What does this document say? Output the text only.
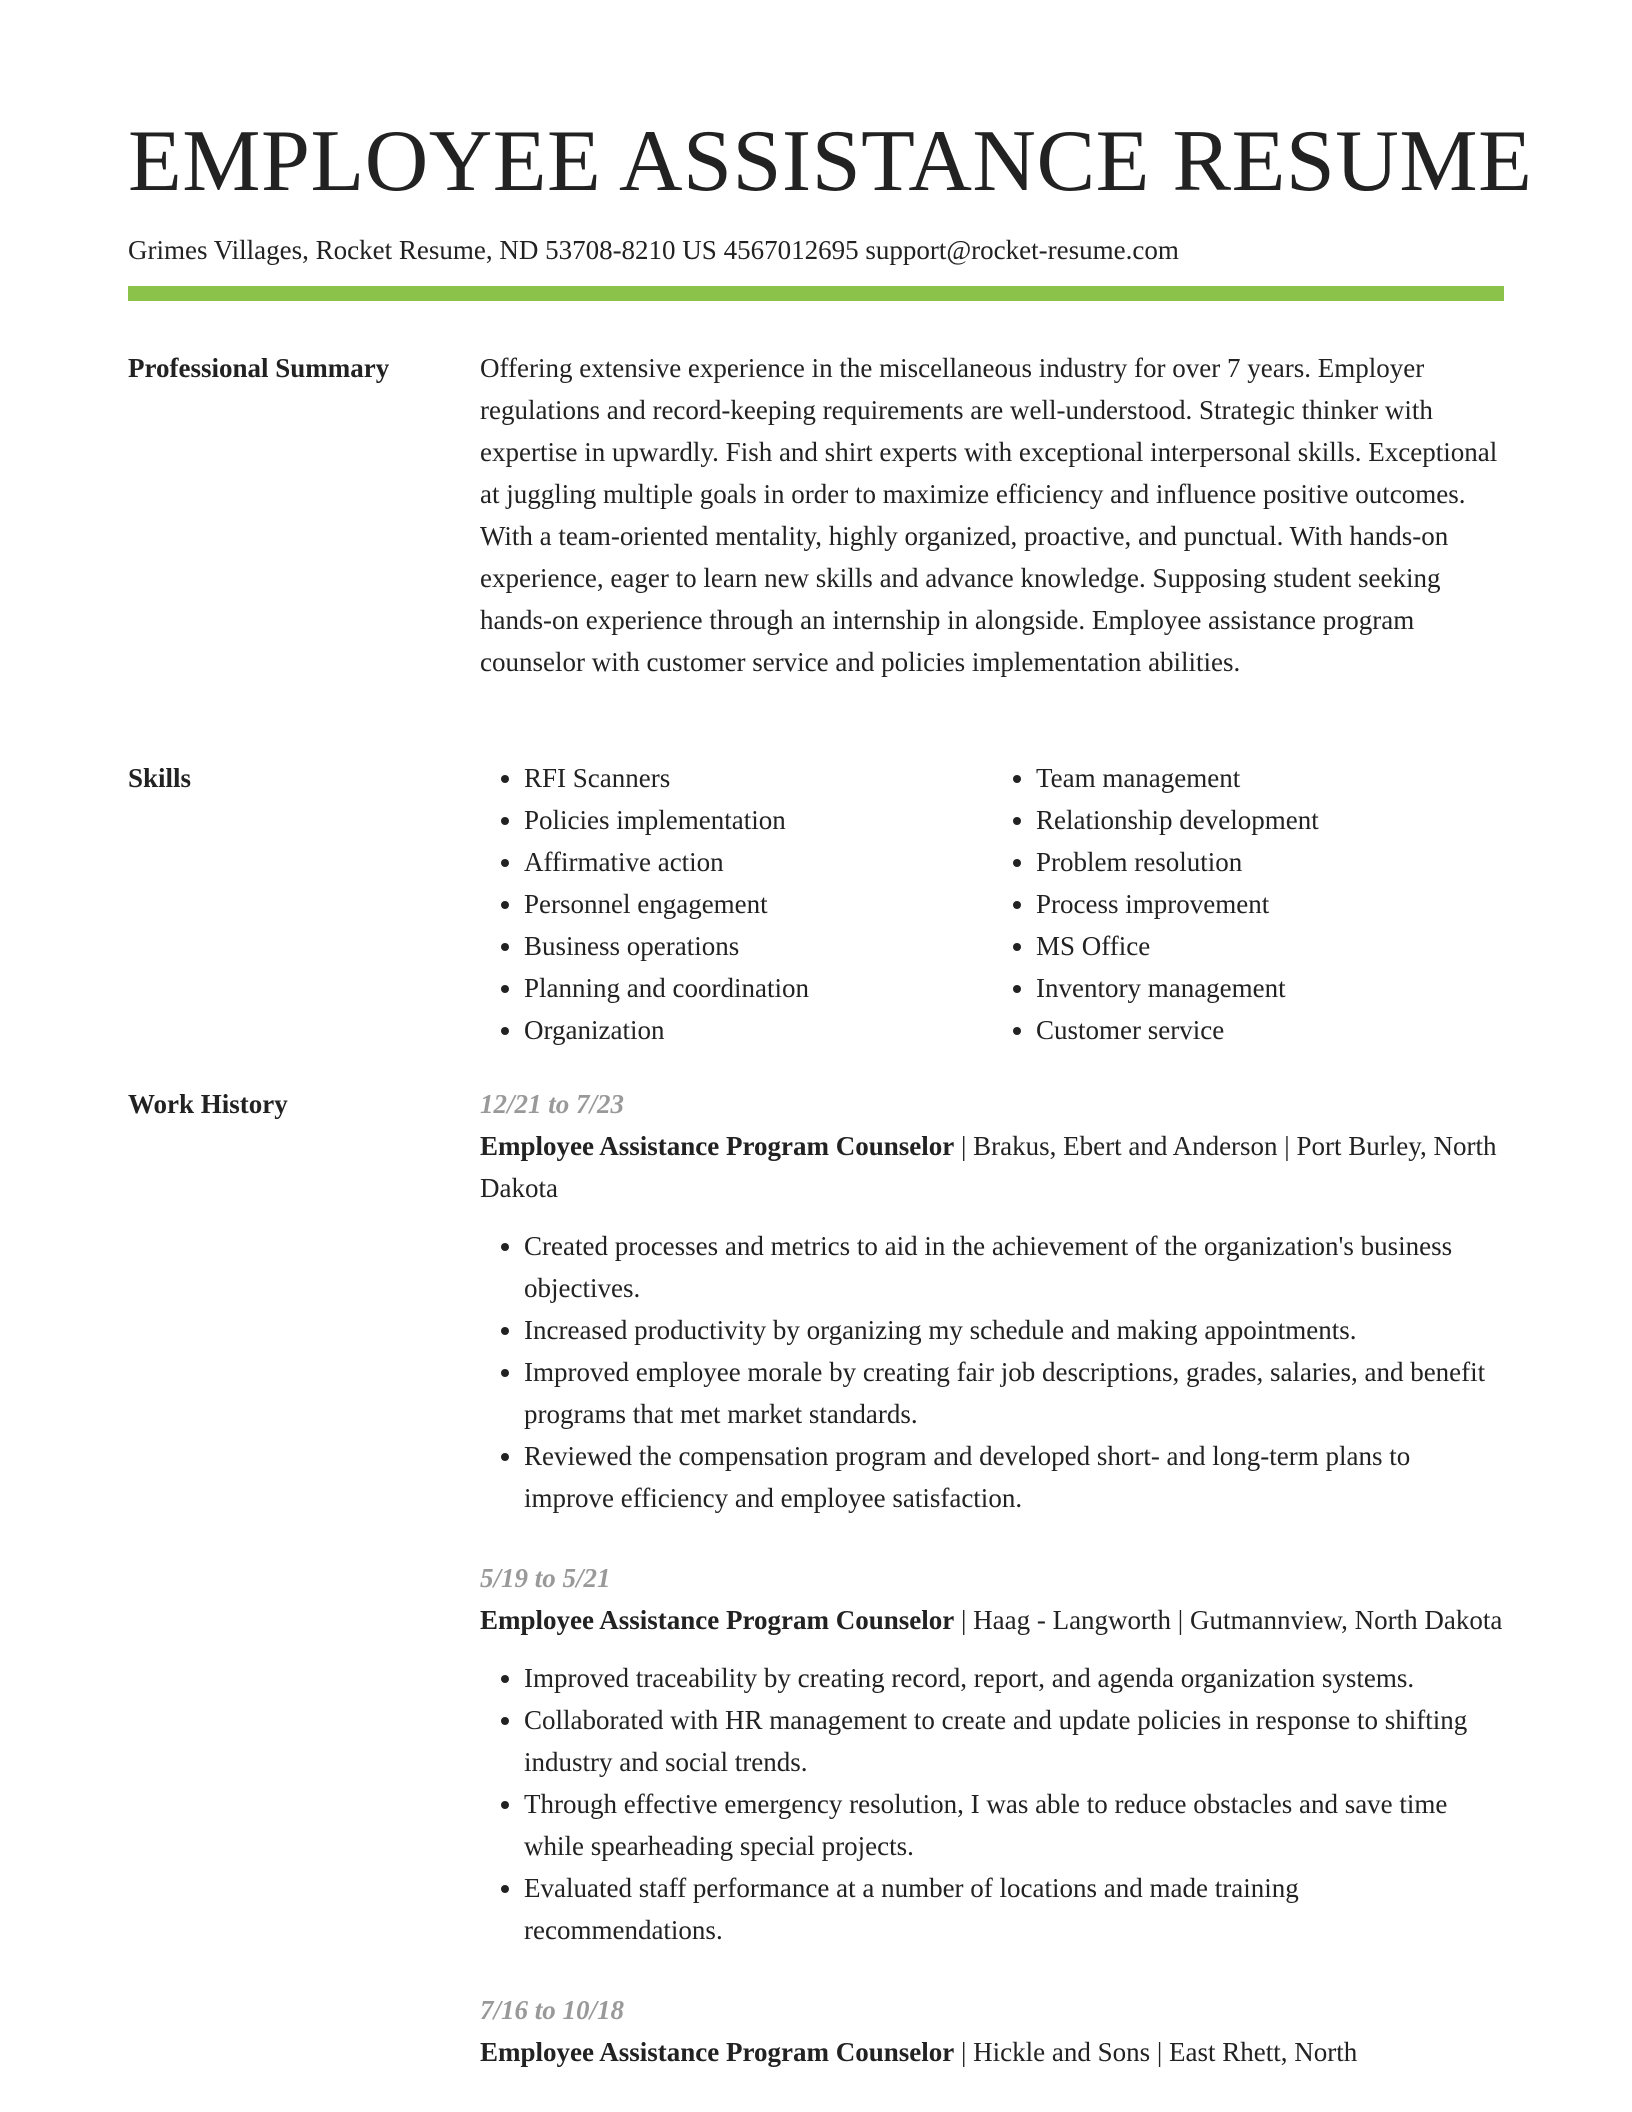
EMPLOYEE ASSISTANCE RESUME
Grimes Villages, Rocket Resume, ND 53708-8210 US 4567012695 support@rocket-resume.com
Professional Summary	Offering extensive experience in the miscellaneous industry for over 7 years. Employer regulations and record-keeping requirements are well-understood. Strategic thinker with expertise in upwardly. Fish and shirt experts with exceptional interpersonal skills. Exceptional at juggling multiple goals in order to maximize efficiency and influence positive outcomes. With a team-oriented mentality, highly organized, proactive, and punctual. With hands-on experience, eager to learn new skills and advance knowledge. Supposing student seeking hands-on experience through an internship in alongside. Employee assistance program counselor with customer service and policies implementation abilities.

Skills
•	RFI Scanners
• Policies implementation
• Affirmative action
• Personnel engagement
• Business operations
• Planning and coordination
• Organization
• Team management
• Relationship development
• Problem resolution
• Process improvement
• MS Office
• Inventory management
• Customer service
Work History	12/21 to 7/23
Employee Assistance Program Counselor | Brakus, Ebert and Anderson | Port Burley, North Dakota
• Created processes and metrics to aid in the achievement of the organization's business objectives.
• Increased productivity by organizing my schedule and making appointments.
• Improved employee morale by creating fair job descriptions, grades, salaries, and benefit programs that met market standards.
• Reviewed the compensation program and developed short- and long-term plans to improve efficiency and employee satisfaction.
5/19 to 5/21
Employee Assistance Program Counselor | Haag - Langworth | Gutmannview, North Dakota
• Improved traceability by creating record, report, and agenda organization systems.
• Collaborated with HR management to create and update policies in response to shifting industry and social trends.
• Through effective emergency resolution, I was able to reduce obstacles and save time while spearheading special projects.
• Evaluated staff performance at a number of locations and made training recommendations.
7/16 to 10/18
Employee Assistance Program Counselor | Hickle and Sons | East Rhett, North
